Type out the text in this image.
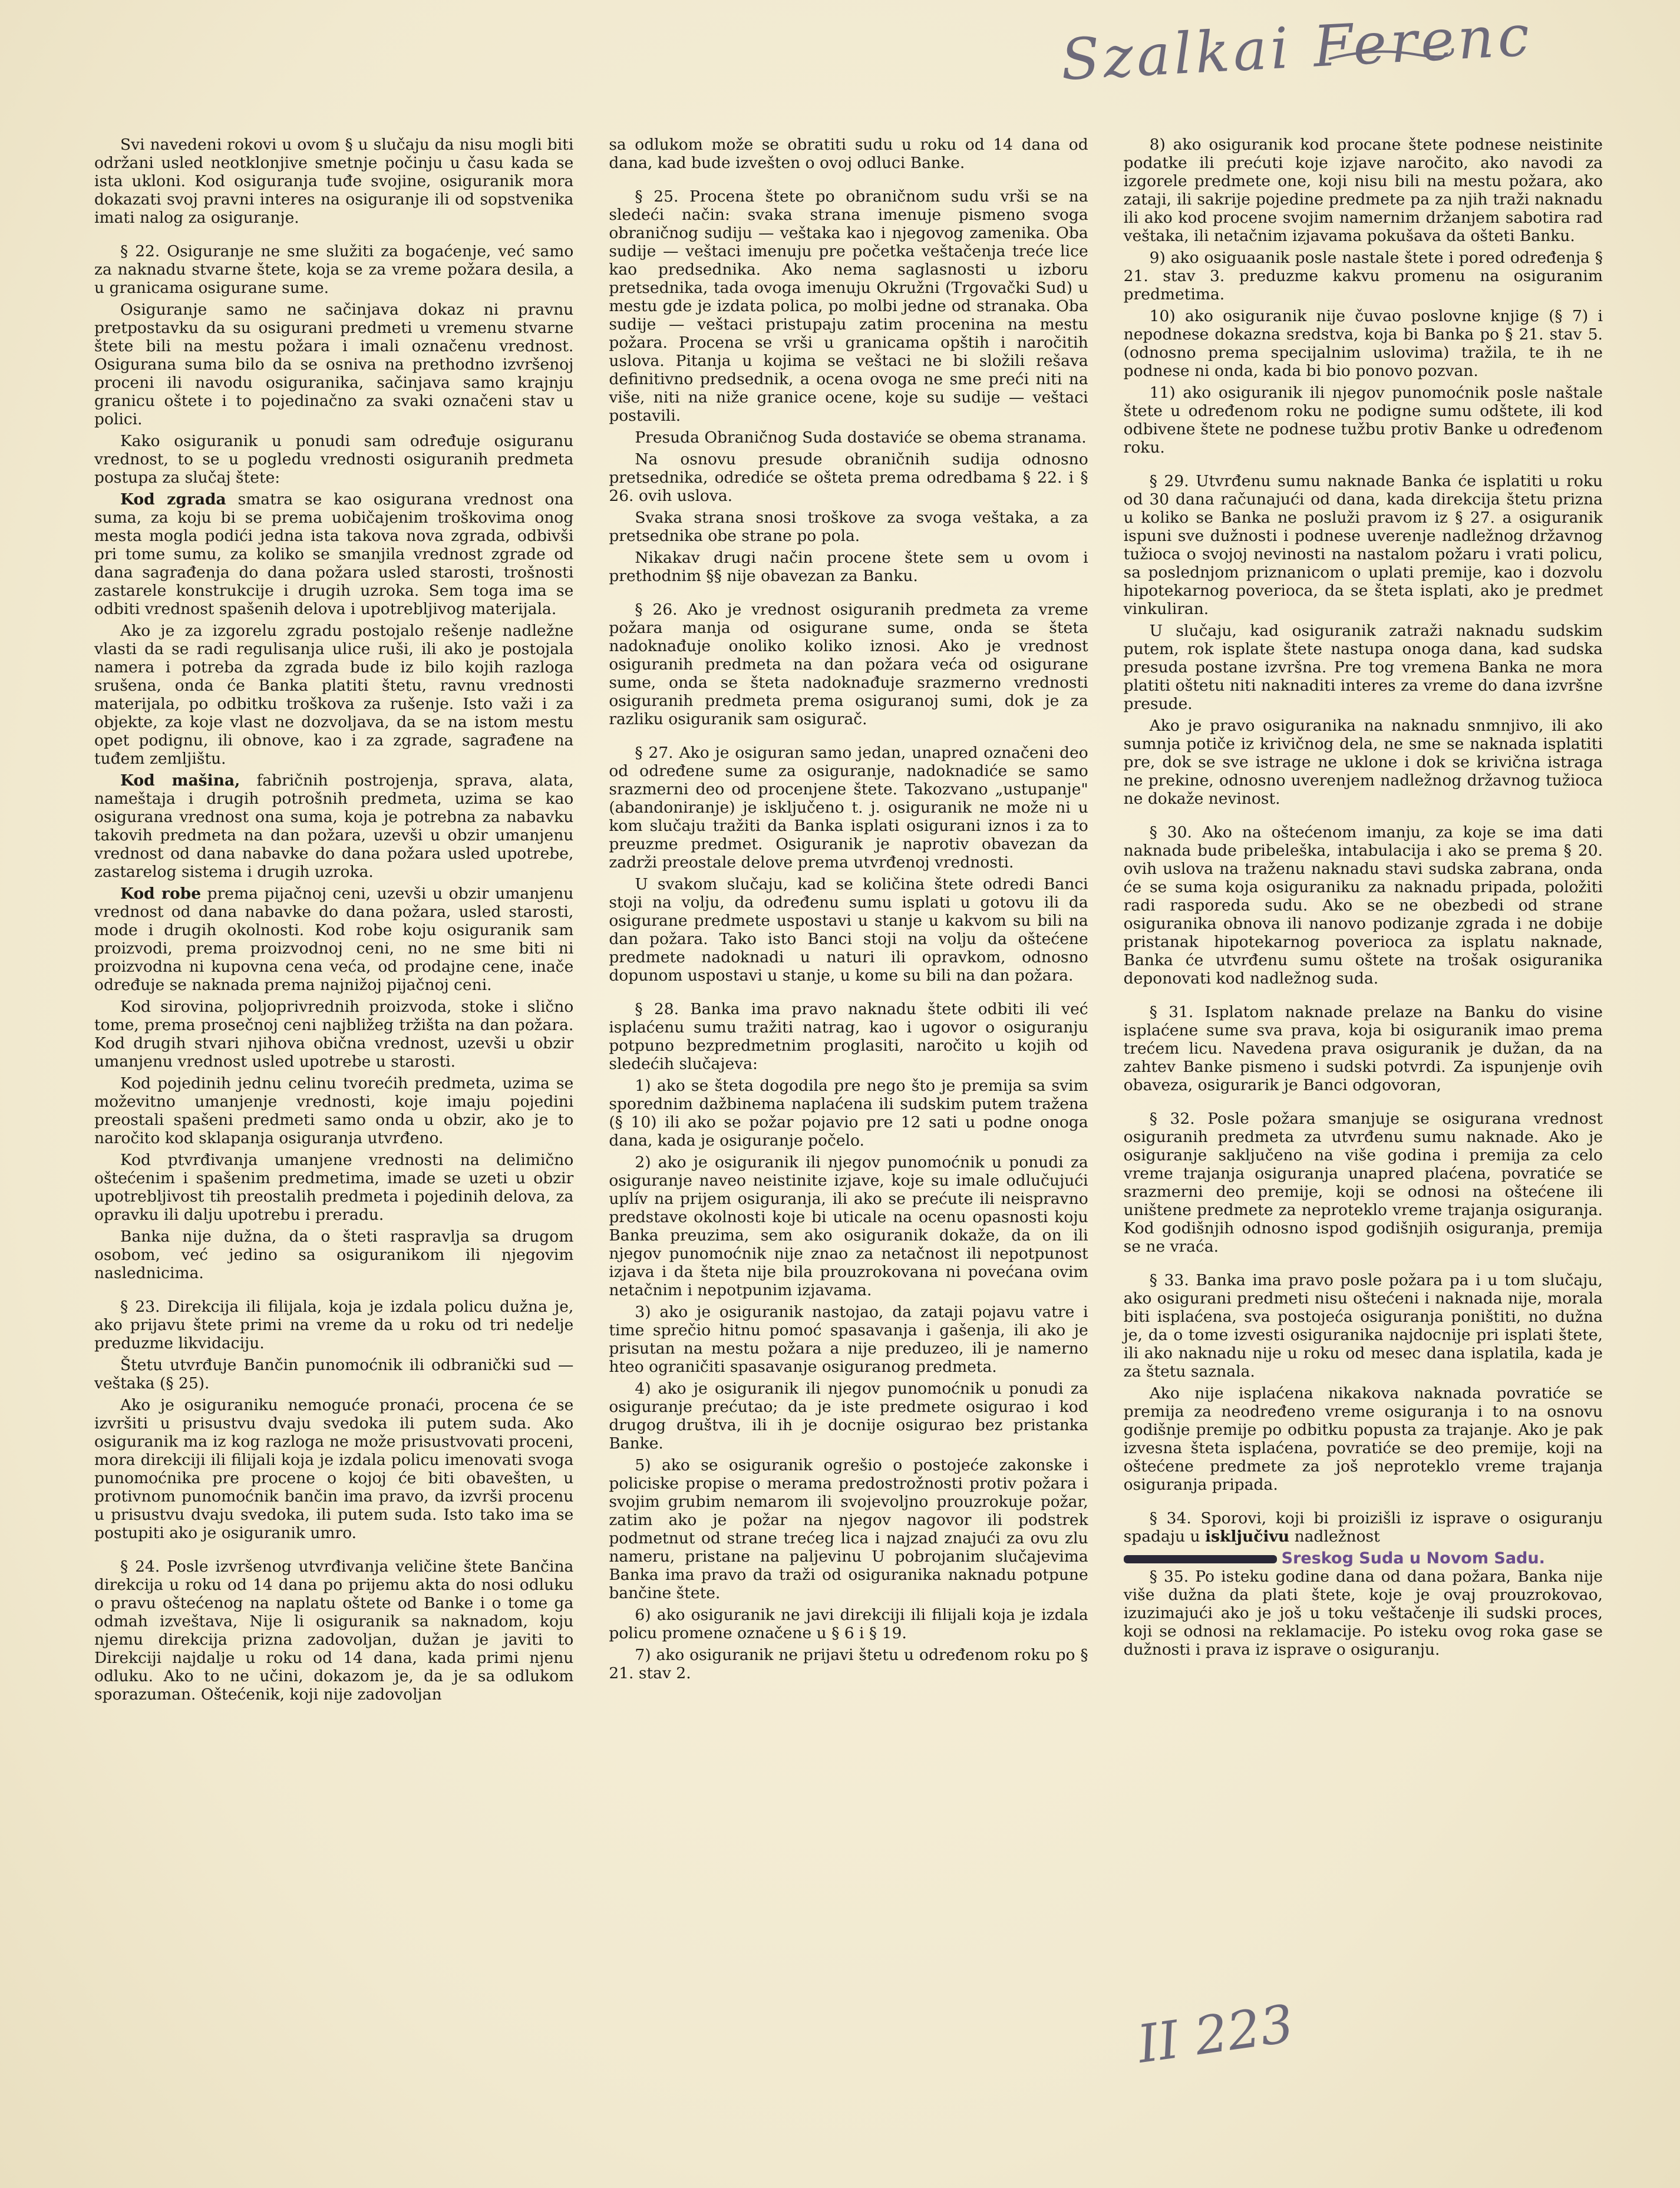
Szalkai Ferenc

Svi navedeni rokovi u ovom § u slučaju da nisu mogli biti održani usled neotklonjive smetnje počinju u času kada se ista ukloni. Kod osiguranja tuđe svojine, osiguranik mora dokazati svoj pravni interes na osiguranje ili od sopstvenika imati nalog za osiguranje.

§ 22. Osiguranje ne sme služiti za bogaćenje, već samo za naknadu stvarne štete, koja se za vreme požara desila, a u granicama osigurane sume.

Osiguranje samo ne sačinjava dokaz ni pravnu pretpostavku da su osigurani predmeti u vremenu stvarne štete bili na mestu požara i imali označenu vrednost. Osigurana suma bilo da se osniva na prethodno izvršenoj proceni ili navodu osiguranika, sačinjava samo krajnju granicu oštete i to pojedinačno za svaki označeni stav u polici.

Kako osiguranik u ponudi sam određuje osiguranu vrednost, to se u pogledu vrednosti osiguranih predmeta postupa za slučaj štete:

Kod zgrada smatra se kao osigurana vrednost ona suma, za koju bi se prema uobičajenim troškovima onog mesta mogla podići jedna ista takova nova zgrada, odbivši pri tome sumu, za koliko se smanjila vrednost zgrade od dana sagrađenja do dana požara usled starosti, trošnosti zastarele konstrukcije i drugih uzroka. Sem toga ima se odbiti vrednost spašenih delova i upotrebljivog materijala.

Ako je za izgorelu zgradu postojalo rešenje nadležne vlasti da se radi regulisanja ulice ruši, ili ako je postojala namera i potreba da zgrada bude iz bilo kojih razloga srušena, onda će Banka platiti štetu, ravnu vrednosti materijala, po odbitku troškova za rušenje. Isto važi i za objekte, za koje vlast ne dozvoljava, da se na istom mestu opet podignu, ili obnove, kao i za zgrade, sagrađene na tuđem zemljištu.

Kod mašina, fabričnih postrojenja, sprava, alata, nameštaja i drugih potrošnih predmeta, uzima se kao osigurana vrednost ona suma, koja je potrebna za nabavku takovih predmeta na dan požara, uzevši u obzir umanjenu vrednost od dana nabavke do dana požara usled upotrebe, zastarelog sistema i drugih uzroka.

Kod robe prema pijačnoj ceni, uzevši u obzir umanjenu vrednost od dana nabavke do dana požara, usled starosti, mode i drugih okolnosti. Kod robe koju osiguranik sam proizvodi, prema proizvodnoj ceni, no ne sme biti ni proizvodna ni kupovna cena veća, od prodajne cene, inače određuje se naknada prema najnižoj pijačnoj ceni.

Kod sirovina, poljoprivrednih proizvoda, stoke i slično tome, prema prosečnoj ceni najbližeg tržišta na dan požara. Kod drugih stvari njihova obična vrednost, uzevši u obzir umanjenu vrednost usled upotrebe u starosti.

Kod pojedinih jednu celinu tvorećih predmeta, uzima se moževitno umanjenje vrednosti, koje imaju pojedini preostali spašeni predmeti samo onda u obzir, ako je to naročito kod sklapanja osiguranja utvrđeno.

Kod ptvrđivanja umanjene vrednosti na delimično oštećenim i spašenim predmetima, imade se uzeti u obzir upotrebljivost tih preostalih predmeta i pojedinih delova, za opravku ili dalju upotrebu i preradu.

Banka nije dužna, da o šteti raspravlja sa drugom osobom, već jedino sa osiguranikom ili njegovim naslednicima.

§ 23. Direkcija ili filijala, koja je izdala policu dužna je, ako prijavu štete primi na vreme da u roku od tri nedelje preduzme likvidaciju.

Štetu utvrđuje Bančin punomoćnik ili odbranički sud — veštaka (§ 25).

Ako je osiguraniku nemoguće pronaći, procena će se izvršiti u prisustvu dvaju svedoka ili putem suda. Ako osiguranik ma iz kog razloga ne može prisustvovati proceni, mora direkciji ili filijali koja je izdala policu imenovati svoga punomoćnika pre procene o kojoj će biti obavešten, u protivnom punomoćnik bančin ima pravo, da izvrši procenu u prisustvu dvaju svedoka, ili putem suda. Isto tako ima se postupiti ako je osiguranik umro.

§ 24. Posle izvršenog utvrđivanja veličine štete Bančina direkcija u roku od 14 dana po prijemu akta do nosi odluku o pravu oštećenog na naplatu oštete od Banke i o tome ga odmah izveštava, Nije li osiguranik sa naknadom, koju njemu direkcija prizna zadovoljan, dužan je javiti to Direkciji najdalje u roku od 14 dana, kada primi njenu odluku. Ako to ne učini, dokazom je, da je sa odlukom sporazuman. Oštećenik, koji nije zadovoljan

sa odlukom može se obratiti sudu u roku od 14 dana od dana, kad bude izvešten o ovoj odluci Banke.

§ 25. Procena štete po obraničnom sudu vrši se na sledeći način: svaka strana imenuje pismeno svoga obraničnog sudiju — veštaka kao i njegovog zamenika. Oba sudije — veštaci imenuju pre početka veštačenja treće lice kao predsednika. Ako nema saglasnosti u izboru pretsednika, tada ovoga imenuju Okružni (Trgovački Sud) u mestu gde je izdata polica, po molbi jedne od stranaka. Oba sudije — veštaci pristupaju zatim procenina na mestu požara. Procena se vrši u granicama opštih i naročitih uslova. Pitanja u kojima se veštaci ne bi složili rešava definitivno predsednik, a ocena ovoga ne sme preći niti na više, niti na niže granice ocene, koje su sudije — veštaci postavili.

Presuda Obraničnog Suda dostaviće se obema stranama.

Na osnovu presude obraničnih sudija odnosno pretsednika, odrediće se ošteta prema odredbama § 22. i § 26. ovih uslova.

Svaka strana snosi troškove za svoga veštaka, a za pretsednika obe strane po pola.

Nikakav drugi način procene štete sem u ovom i prethodnim §§ nije obavezan za Banku.

§ 26. Ako je vrednost osiguranih predmeta za vreme požara manja od osigurane sume, onda se šteta nadoknađuje onoliko koliko iznosi. Ako je vrednost osiguranih predmeta na dan požara veća od osigurane sume, onda se šteta nadoknađuje srazmerno vrednosti osiguranih predmeta prema osiguranoj sumi, dok je za razliku osiguranik sam osigurač.

§ 27. Ako je osiguran samo jedan, unapred označeni deo od određene sume za osiguranje, nadoknadiće se samo srazmerni deo od procenjene štete. Takozvano „ustupanje" (abandoniranje) je isključeno t. j. osiguranik ne može ni u kom slučaju tražiti da Banka isplati osigurani iznos i za to preuzme predmet. Osiguranik je naprotiv obavezan da zadrži preostale delove prema utvrđenoj vrednosti.

U svakom slučaju, kad se količina štete odredi Banci stoji na volju, da određenu sumu isplati u gotovu ili da osigurane predmete uspostavi u stanje u kakvom su bili na dan požara. Tako isto Banci stoji na volju da oštećene predmete nadoknadi u naturi ili opravkom, odnosno dopunom uspostavi u stanje, u kome su bili na dan požara.

§ 28. Banka ima pravo naknadu štete odbiti ili već isplaćenu sumu tražiti natrag, kao i ugovor o osiguranju potpuno bezpredmetnim proglasiti, naročito u kojih od sledećih slučajeva:

1) ako se šteta dogodila pre nego što je premija sa svim sporednim dažbinema naplaćena ili sudskim putem tražena (§ 10) ili ako se požar pojavio pre 12 sati u podne onoga dana, kada je osiguranje počelo.

2) ako je osiguranik ili njegov punomoćnik u ponudi za osiguranje naveo neistinite izjave, koje su imale odlučujući uplív na prijem osiguranja, ili ako se prećute ili neispravno predstave okolnosti koje bi uticale na ocenu opasnosti koju Banka preuzima, sem ako osiguranik dokaže, da on ili njegov punomoćnik nije znao za netačnost ili nepotpunost izjava i da šteta nije bila prouzrokovana ni povećana ovim netačnim i nepotpunim izjavama.

3) ako je osiguranik nastojao, da zataji pojavu vatre i time sprečio hitnu pomoć spasavanja i gašenja, ili ako je prisutan na mestu požara a nije preduzeo, ili je namerno hteo ograničiti spasavanje osiguranog predmeta.

4) ako je osiguranik ili njegov punomoćnik u ponudi za osiguranje prećutao; da je iste predmete osigurao i kod drugog društva, ili ih je docnije osigurao bez pristanka Banke.

5) ako se osiguranik ogrešio o postojeće zakonske i policiske propise o merama predostrožnosti protiv požara i svojim grubim nemarom ili svojevoljno prouzrokuje požar, zatim ako je požar na njegov nagovor ili podstrek podmetnut od strane trećeg lica i najzad znajući za ovu zlu nameru, pristane na paljevinu U pobrojanim slučajevima Banka ima pravo da traži od osiguranika naknadu potpune bančine štete.

6) ako osiguranik ne javi direkciji ili filijali koja je izdala policu promene označene u § 6 i § 19.

7) ako osiguranik ne prijavi štetu u određenom roku po § 21. stav 2.

8) ako osiguranik kod procane štete podnese neistinite podatke ili prećuti koje izjave naročito, ako navodi za izgorele predmete one, koji nisu bili na mestu požara, ako zataji, ili sakrije pojedine predmete pa za njih traži naknadu ili ako kod procene svojim namernim držanjem sabotira rad veštaka, ili netačnim izjavama pokušava da ošteti Banku.

9) ako osiguaanik posle nastale štete i pored određenja § 21. stav 3. preduzme kakvu promenu na osiguranim predmetima.

10) ako osiguranik nije čuvao poslovne knjige (§ 7) i nepodnese dokazna sredstva, koja bi Banka po § 21. stav 5. (odnosno prema specijalnim uslovima) tražila, te ih ne podnese ni onda, kada bi bio ponovo pozvan.

11) ako osiguranik ili njegov punomoćnik posle naštale štete u određenom roku ne podigne sumu odštete, ili kod odbivene štete ne podnese tužbu protiv Banke u određenom roku.

§ 29. Utvrđenu sumu naknade Banka će isplatiti u roku od 30 dana računajući od dana, kada direkcija štetu prizna u koliko se Banka ne posluži pravom iz § 27. a osiguranik ispuni sve dužnosti i podnese uverenje nadležnog državnog tužioca o svojoj nevinosti na nastalom požaru i vrati policu, sa poslednjom priznanicom o uplati premije, kao i dozvolu hipotekarnog poverioca, da se šteta isplati, ako je predmet vinkuliran.

U slučaju, kad osiguranik zatraži naknadu sudskim putem, rok isplate štete nastupa onoga dana, kad sudska presuda postane izvršna. Pre tog vremena Banka ne mora platiti oštetu niti naknaditi interes za vreme do dana izvršne presude.

Ako je pravo osiguranika na naknadu snmnjivo, ili ako sumnja potiče iz krivičnog dela, ne sme se naknada isplatiti pre, dok se sve istrage ne uklone i dok se krivična istraga ne prekine, odnosno uverenjem nadležnog državnog tužioca ne dokaže nevinost.

§ 30. Ako na oštećenom imanju, za koje se ima dati naknada bude pribeleška, intabulacija i ako se prema § 20. ovih uslova na traženu naknadu stavi sudska zabrana, onda će se suma koja osiguraniku za naknadu pripada, položiti radi rasporeda sudu. Ako se ne obezbedi od strane osiguranika obnova ili nanovo podizanje zgrada i ne dobije pristanak hipotekarnog poverioca za isplatu naknade, Banka će utvrđenu sumu oštete na trošak osiguranika deponovati kod nadležnog suda.

§ 31. Isplatom naknade prelaze na Banku do visine isplaćene sume sva prava, koja bi osiguranik imao prema trećem licu. Navedena prava osiguranik je dužan, da na zahtev Banke pismeno i sudski potvrdi. Za ispunjenje ovih obaveza, osigurarik je Banci odgovoran,

§ 32. Posle požara smanjuje se osigurana vrednost osiguranih predmeta za utvrđenu sumu naknade. Ako je osiguranje saključeno na više godina i premija za celo vreme trajanja osiguranja unapred plaćena, povratiće se srazmerni deo premije, koji se odnosi na oštećene ili uništene predmete za neproteklo vreme trajanja osiguranja. Kod godišnjih odnosno ispod godišnjih osiguranja, premija se ne vraća.

§ 33. Banka ima pravo posle požara pa i u tom slučaju, ako osigurani predmeti nisu oštećeni i naknada nije, morala biti isplaćena, sva postojeća osiguranja poništiti, no dužna je, da o tome izvesti osiguranika najdocnije pri isplati štete, ili ako naknadu nije u roku od mesec dana isplatila, kada je za štetu saznala.

Ako nije isplaćena nikakova naknada povratiće se premija za neodređeno vreme osiguranja i to na osnovu godišnje premije po odbitku popusta za trajanje. Ako je pak izvesna šteta isplaćena, povratiće se deo premije, koji na oštećene predmete za još neproteklo vreme trajanja osiguranja pripada.

§ 34. Sporovi, koji bi proizišli iz isprave o osiguranju spadaju u isključivu nadležnost

Sreskog Suda u Novom Sadu.

§ 35. Po isteku godine dana od dana požara, Banka nije više dužna da plati štete, koje je ovaj prouzrokovao, izuzimajući ako je još u toku veštačenje ili sudski proces, koji se odnosi na reklamacije. Po isteku ovog roka gase se dužnosti i prava iz isprave o osiguranju.

II 223
